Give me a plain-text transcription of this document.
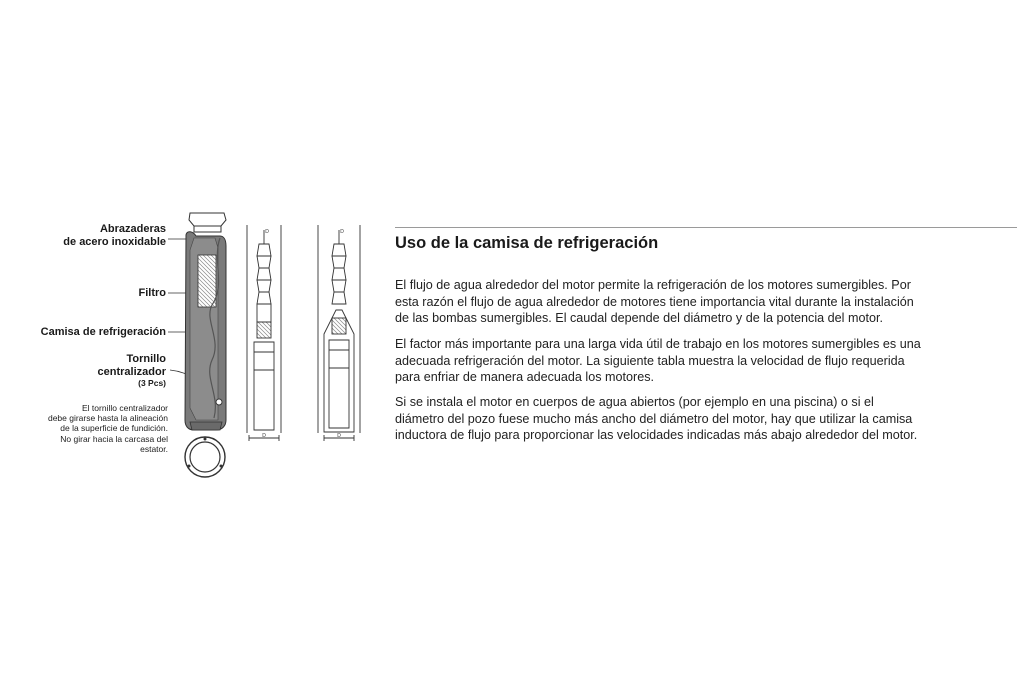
Abrazaderas
de acero inoxidable
Filtro
Camisa de refrigeración
Tornillo
centralizador
(3 Pcs)
El tornillo centralizador
debe girarse hasta la alineación
de la superficie de fundición.
No girar hacia la carcasa del
estator.
D
D
D
D
Uso de la camisa de refrigeración

El flujo de agua alrededor del motor permite la refrigeración de los motores sumergibles. Por
esta razón el flujo de agua alrededor de motores tiene importancia vital durante la instalación
de las bombas sumergibles. El caudal depende del diámetro y de la potencia del motor.

El factor más importante para una larga vida útil de trabajo en los motores sumergibles es una
adecuada refrigeración del motor. La siguiente tabla muestra la velocidad de flujo requerida
para enfriar de manera adecuada los motores.

Si se instala el motor en cuerpos de agua abiertos (por ejemplo en una piscina) o si el
diámetro del pozo fuese mucho más ancho del diámetro del motor, hay que utilizar la camisa
inductora de flujo para proporcionar las velocidades indicadas más abajo alrededor del motor.
